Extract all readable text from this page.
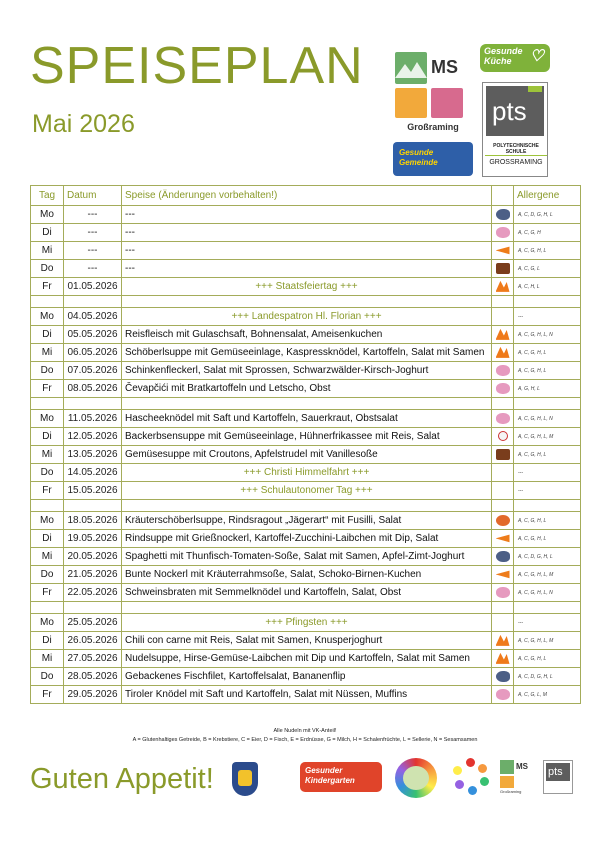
SPEISEPLAN
Mai 2026
MS
Großraming
Gesunde Küche ♡
pts
POLYTECHNISCHE SCHULE
GROSSRAMING
Gesunde Gemeinde
Tag	Datum	Speise (Änderungen vorbehalten!)		Allergene
Mo	---	---		A, C, D, G, H, L
Di	---	---		A, C, G, H
Mi	---	---		A, C, G, H, L
Do	---	---		A, C, G, L
Fr	01.05.2026	+++ Staatsfeiertag +++		A, C, H, L

Mo	04.05.2026	+++ Landespatron Hl. Florian +++		---
Di	05.05.2026	Reisfleisch mit Gulaschsaft, Bohnensalat, Ameisenkuchen		A, C, G, H, L, N
Mi	06.05.2026	Schöberlsuppe mit Gemüseeinlage, Kaspressknödel, Kartoffeln, Salat mit Samen		A, C, G, H, L
Do	07.05.2026	Schinkenfleckerl, Salat mit Sprossen, Schwarzwälder-Kirsch-Joghurt		A, C, G, H, L
Fr	08.05.2026	Čevapčići mit Bratkartoffeln und Letscho, Obst		A, G, H, L

Mo	11.05.2026	Hascheeknödel mit Saft und Kartoffeln, Sauerkraut, Obstsalat		A, C, G, H, L, N
Di	12.05.2026	Backerbsensuppe mit Gemüseeinlage, Hühnerfrikassee mit Reis, Salat		A, C, G, H, L, M
Mi	13.05.2026	Gemüsesuppe mit Croutons, Apfelstrudel mit Vanillesoße		A, C, G, H, L
Do	14.05.2026	+++ Christi Himmelfahrt +++		---
Fr	15.05.2026	+++ Schulautonomer Tag +++		---

Mo	18.05.2026	Kräuterschöberlsuppe, Rindsragout „Jägerart“ mit Fusilli, Salat		A, C, G, H, L
Di	19.05.2026	Rindsuppe mit Grießnockerl, Kartoffel-Zucchini-Laibchen mit Dip, Salat		A, C, G, H, L
Mi	20.05.2026	Spaghetti mit Thunfisch-Tomaten-Soße, Salat mit Samen, Apfel-Zimt-Joghurt		A, C, D, G, H, L
Do	21.05.2026	Bunte Nockerl mit Kräuterrahmsoße, Salat, Schoko-Birnen-Kuchen		A, C, G, H, L, M
Fr	22.05.2026	Schweinsbraten mit Semmelknödel und Kartoffeln, Salat, Obst		A, C, G, H, L, N

Mo	25.05.2026	+++ Pfingsten +++		---
Di	26.05.2026	Chili con carne mit Reis, Salat mit Samen, Knusperjoghurt		A, C, G, H, L, M
Mi	27.05.2026	Nudelsuppe, Hirse-Gemüse-Laibchen mit Dip und Kartoffeln, Salat mit Samen		A, C, G, H, L
Do	28.05.2026	Gebackenes Fischfilet, Kartoffelsalat, Bananenflip		A, C, D, G, H, L
Fr	29.05.2026	Tiroler Knödel mit Saft und Kartoffeln, Salat mit Nüssen, Muffins		A, C, G, L, M
Alle Nudeln mit VK-Anteil!
A = Glutenhaltiges Getreide, B = Krebstiere, C = Eier, D = Fisch, E = Erdnüsse, G = Milch, H = Schalenfrüchte, L = Sellerie, N = Sesamsamen
Guten Appetit!	Gesunder Kindergarten
MS
Großraming
pts
